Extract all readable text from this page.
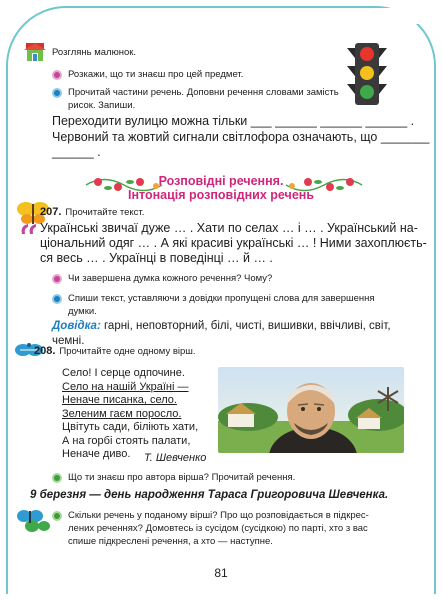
Розглянь малюнок.
Розкажи, що ти знаєш про цей предмет.
Прочитай частини речень. Доповни речення словами замість
рисок. Запиши.
Переходити вулицю можна тільки ___ ______ ______ ______ .
Червоний та жовтий сигнали світлофора означають, що _______
______ .
Розповідні речення.
Інтонація розповідних речень
207. Прочитайте текст.
Українські звичаї дуже … . Хати по селах … і … . Український на-
ціональний одяг … . А які красиві українські … ! Ними захоплюєть-
ся весь … . Українці в поведінці … й … .
Чи завершена думка кожного речення? Чому?
Спиши текст, уставляючи з довідки пропущені слова для завершення
думки.
Довідка: гарні, неповторний, білі, чисті, вишивки, ввічливі, світ,
чемні.
208. Прочитайте одне одному вірш.
Село! І серце одпочине.
Село на нашій Україні —
Неначе писанка, село.
Зеленим гаєм поросло.
Цвітуть сади, біліють хати,
А на горбі стоять палати,
Неначе диво.	Т. Шевченко
Що ти знаєш про автора вірша? Прочитай речення.
9 березня — день народження Тараса Григоровича Шевченка.
Скільки речень у поданому вірші? Про що розповідається в підкрес-
лених реченнях? Домовтесь із сусідом (сусідкою) по парті, хто з вас
спише підкреслені речення, а хто — наступне.
81
